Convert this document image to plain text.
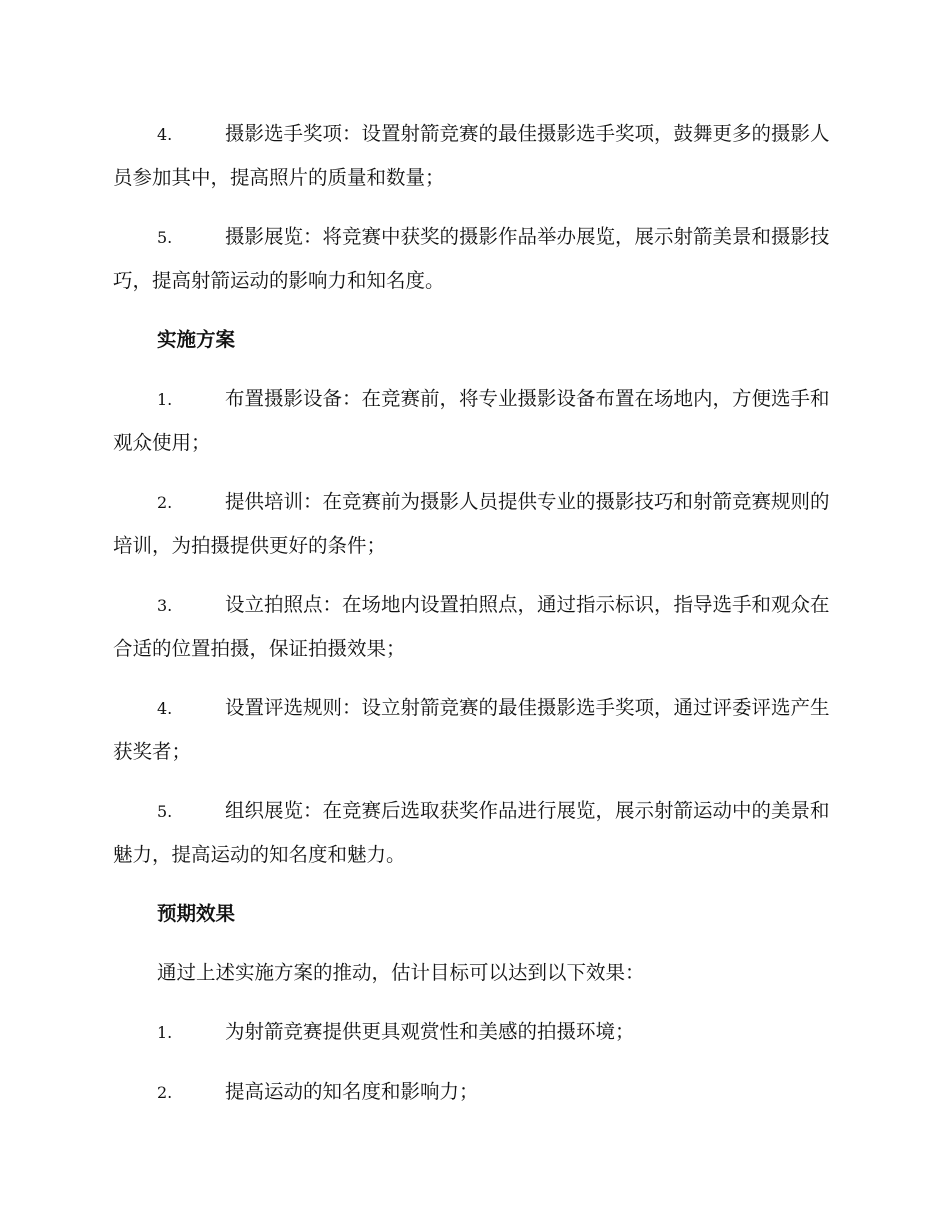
4.	摄影选手奖项：设置射箭竞赛的最佳摄影选手奖项，鼓舞更多的摄影人员参加其中，提高照片的质量和数量；
5.	摄影展览：将竞赛中获奖的摄影作品举办展览，展示射箭美景和摄影技巧，提高射箭运动的影响力和知名度。
实施方案
1.	布置摄影设备：在竞赛前，将专业摄影设备布置在场地内，方便选手和观众使用；
2.	提供培训：在竞赛前为摄影人员提供专业的摄影技巧和射箭竞赛规则的培训，为拍摄提供更好的条件；
3.	设立拍照点：在场地内设置拍照点，通过指示标识，指导选手和观众在合适的位置拍摄，保证拍摄效果；
4.	设置评选规则：设立射箭竞赛的最佳摄影选手奖项，通过评委评选产生获奖者；
5.	组织展览：在竞赛后选取获奖作品进行展览，展示射箭运动中的美景和魅力，提高运动的知名度和魅力。
预期效果
通过上述实施方案的推动，估计目标可以达到以下效果：
1.	为射箭竞赛提供更具观赏性和美感的拍摄环境；
2.	提高运动的知名度和影响力；
